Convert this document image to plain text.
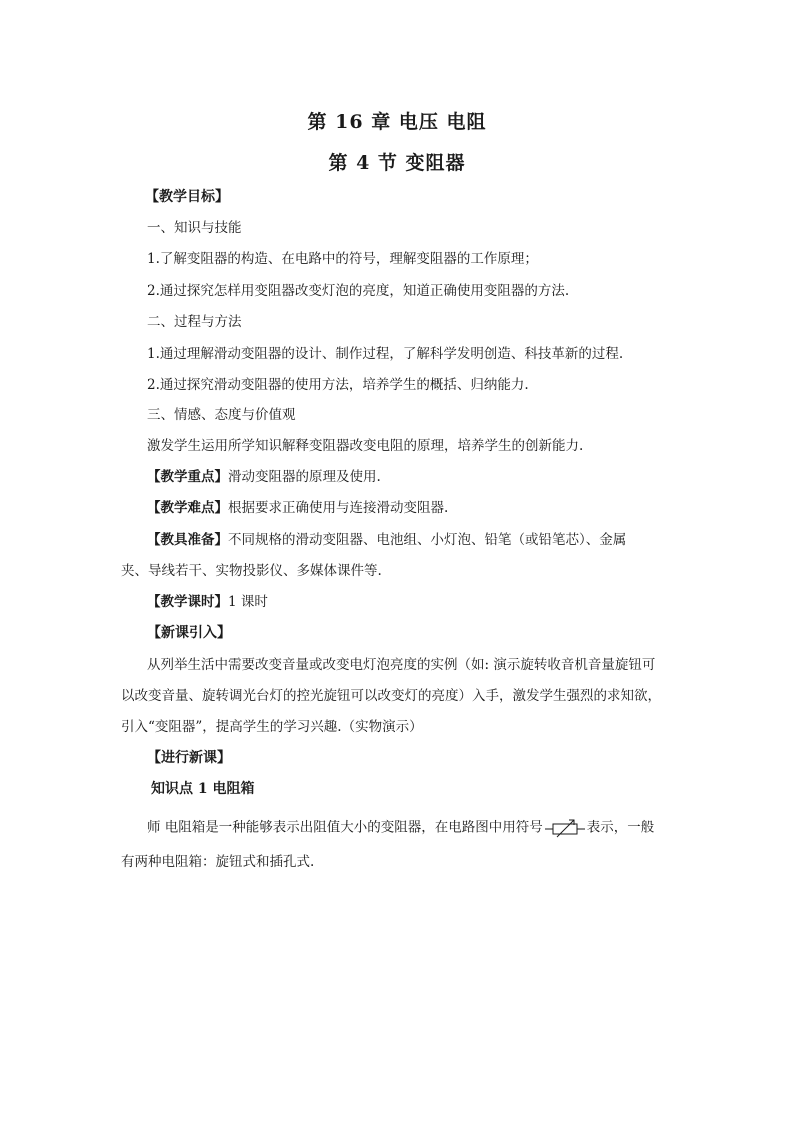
第 16 章 电压 电阻
第 4 节 变阻器
【教学目标】
一、知识与技能
1.了解变阻器的构造、在电路中的符号，理解变阻器的工作原理；
2.通过探究怎样用变阻器改变灯泡的亮度，知道正确使用变阻器的方法.
二、过程与方法
1.通过理解滑动变阻器的设计、制作过程，了解科学发明创造、科技革新的过程.
2.通过探究滑动变阻器的使用方法，培养学生的概括、归纳能力.
三、情感、态度与价值观
激发学生运用所学知识解释变阻器改变电阻的原理，培养学生的创新能力.
【教学重点】滑动变阻器的原理及使用.
【教学难点】根据要求正确使用与连接滑动变阻器.
【教具准备】不同规格的滑动变阻器、电池组、小灯泡、铅笔（或铅笔芯）、金属
夹、导线若干、实物投影仪、多媒体课件等.
【教学课时】1 课时
【新课引入】
从列举生活中需要改变音量或改变电灯泡亮度的实例（如: 演示旋转收音机音量旋钮可
以改变音量、旋转调光台灯的控光旋钮可以改变灯的亮度）入手，激发学生强烈的求知欲，
引入“变阻器”，提高学生的学习兴趣.（实物演示）
【进行新课】
知识点 1 电阻箱
师 电阻箱是一种能够表示出阻值大小的变阻器，在电路图中用符号	表示，一般
有两种电阻箱：旋钮式和插孔式.
